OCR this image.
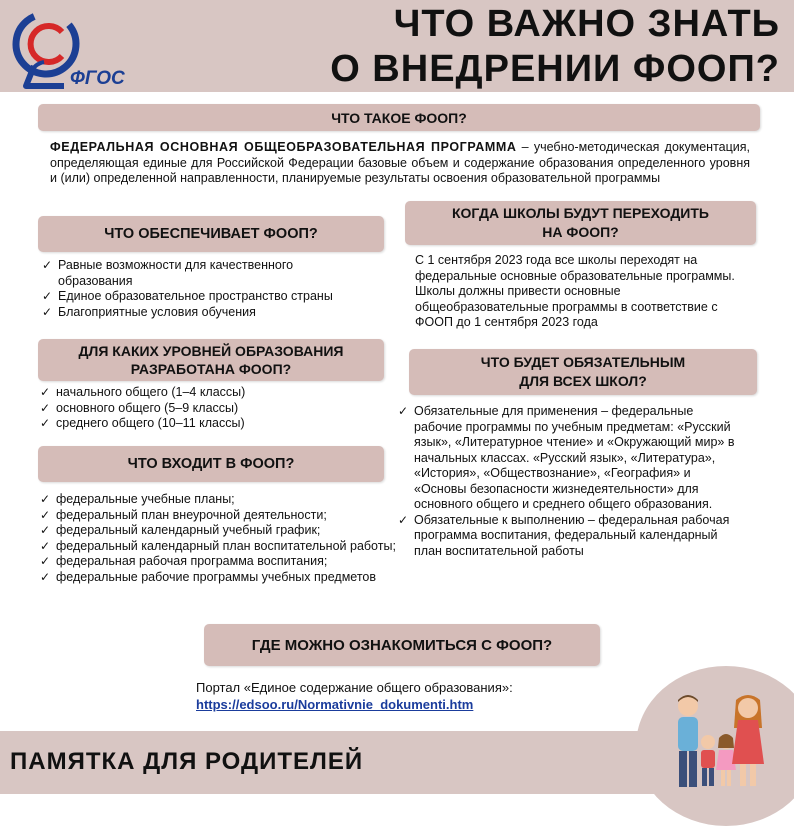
ФГОС
ЧТО ВАЖНО ЗНАТЬ
О ВНЕДРЕНИИ ФООП?
ЧТО ТАКОЕ ФООП?
ФЕДЕРАЛЬНАЯ ОСНОВНАЯ ОБЩЕОБРАЗОВАТЕЛЬНАЯ ПРОГРАММА – учебно-методическая документация, определяющая единые для Российской Федерации базовые объем и содержание образования определенного уровня и (или) определенной направленности, планируемые результаты освоения образовательной программы
ЧТО ОБЕСПЕЧИВАЕТ ФООП?
✓ Равные возможности для качественного образования
✓ Единое образовательное пространство страны
✓ Благоприятные условия обучения
ДЛЯ КАКИХ УРОВНЕЙ ОБРАЗОВАНИЯ
РАЗРАБОТАНА ФООП?
✓ начального общего (1–4 классы)
✓ основного общего (5–9 классы)
✓ среднего общего (10–11 классы)
ЧТО ВХОДИТ В ФООП?
✓ федеральные учебные планы;
✓ федеральный план внеурочной деятельности;
✓ федеральный календарный учебный график;
✓ федеральный календарный план воспитательной работы;
✓ федеральная рабочая программа воспитания;
✓ федеральные рабочие программы учебных предметов
КОГДА ШКОЛЫ БУДУТ ПЕРЕХОДИТЬ
НА ФООП?
С 1 сентября 2023 года все школы переходят на федеральные основные образовательные программы. Школы должны привести основные общеобразовательные программы в соответствие с ФООП до 1 сентября 2023 года
ЧТО БУДЕТ ОБЯЗАТЕЛЬНЫМ
ДЛЯ ВСЕХ ШКОЛ?
✓ Обязательные для применения – федеральные рабочие программы по учебным предметам: «Русский язык», «Литературное чтение» и «Окружающий мир» в начальных классах. «Русский язык», «Литература», «История», «Обществознание», «География» и «Основы безопасности жизнедеятельности» для основного общего и среднего общего образования.
✓ Обязательные к выполнению – федеральная рабочая программа воспитания, федеральный календарный план воспитательной работы
ГДЕ МОЖНО ОЗНАКОМИТЬСЯ С ФООП?
Портал «Единое содержание общего образования»:
https://edsoo.ru/Normativnie_dokumenti.htm
ПАМЯТКА ДЛЯ РОДИТЕЛЕЙ
